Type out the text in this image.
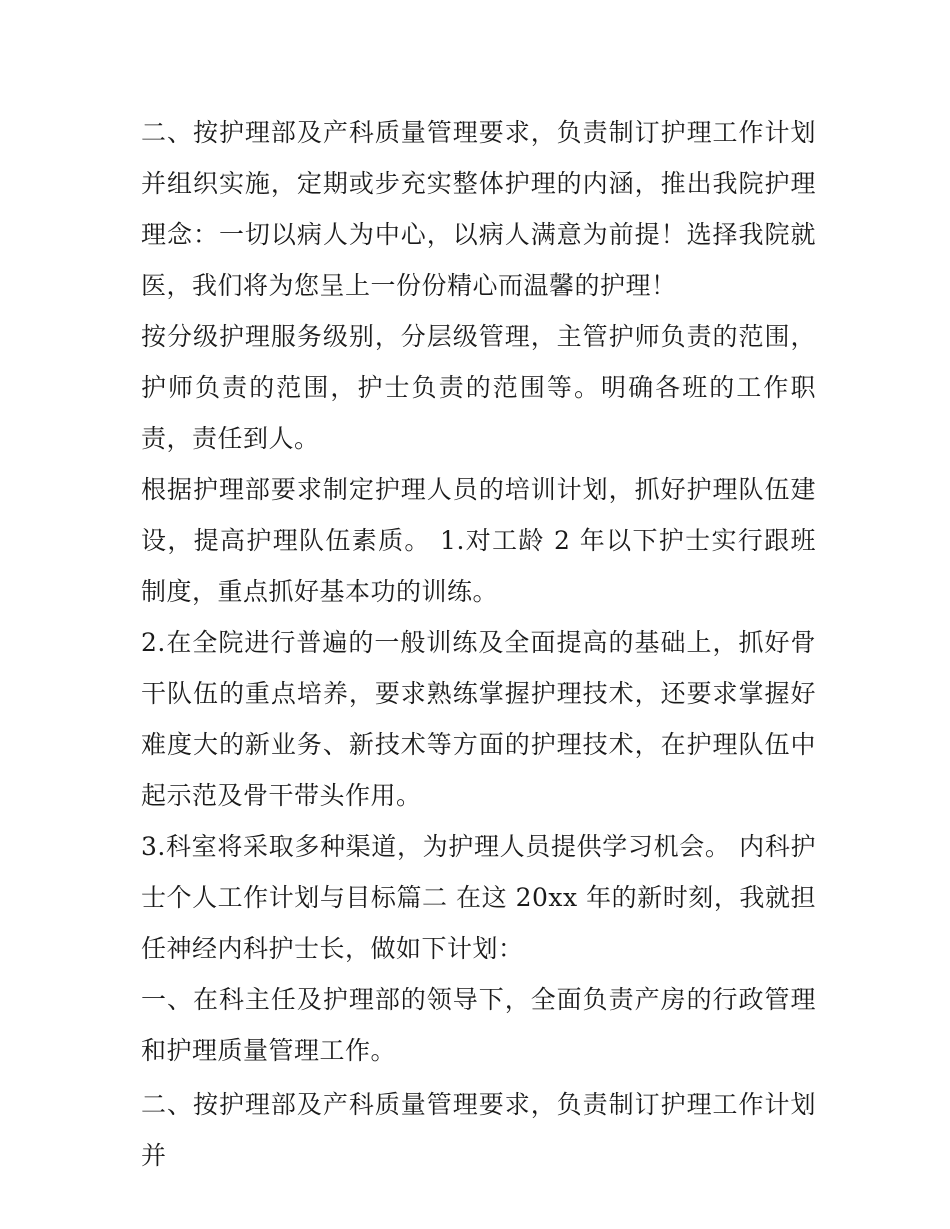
二、按护理部及产科质量管理要求，负责制订护理工作计划并组织实施，定期或步充实整体护理的内涵，推出我院护理理念：一切以病人为中心，以病人满意为前提！选择我院就医，我们将为您呈上一份份精心而温馨的护理！

按分级护理服务级别，分层级管理，主管护师负责的范围，护师负责的范围，护士负责的范围等。明确各班的工作职责，责任到人。

根据护理部要求制定护理人员的培训计划，抓好护理队伍建设，提高护理队伍素质。 1.对工龄 2 年以下护士实行跟班制度，重点抓好基本功的训练。

2.在全院进行普遍的一般训练及全面提高的基础上，抓好骨干队伍的重点培养，要求熟练掌握护理技术，还要求掌握好难度大的新业务、新技术等方面的护理技术，在护理队伍中起示范及骨干带头作用。

3.科室将采取多种渠道，为护理人员提供学习机会。 内科护士个人工作计划与目标篇二 在这 20xx 年的新时刻，我就担任神经内科护士长，做如下计划：

一、在科主任及护理部的领导下，全面负责产房的行政管理和护理质量管理工作。

二、按护理部及产科质量管理要求，负责制订护理工作计划并
